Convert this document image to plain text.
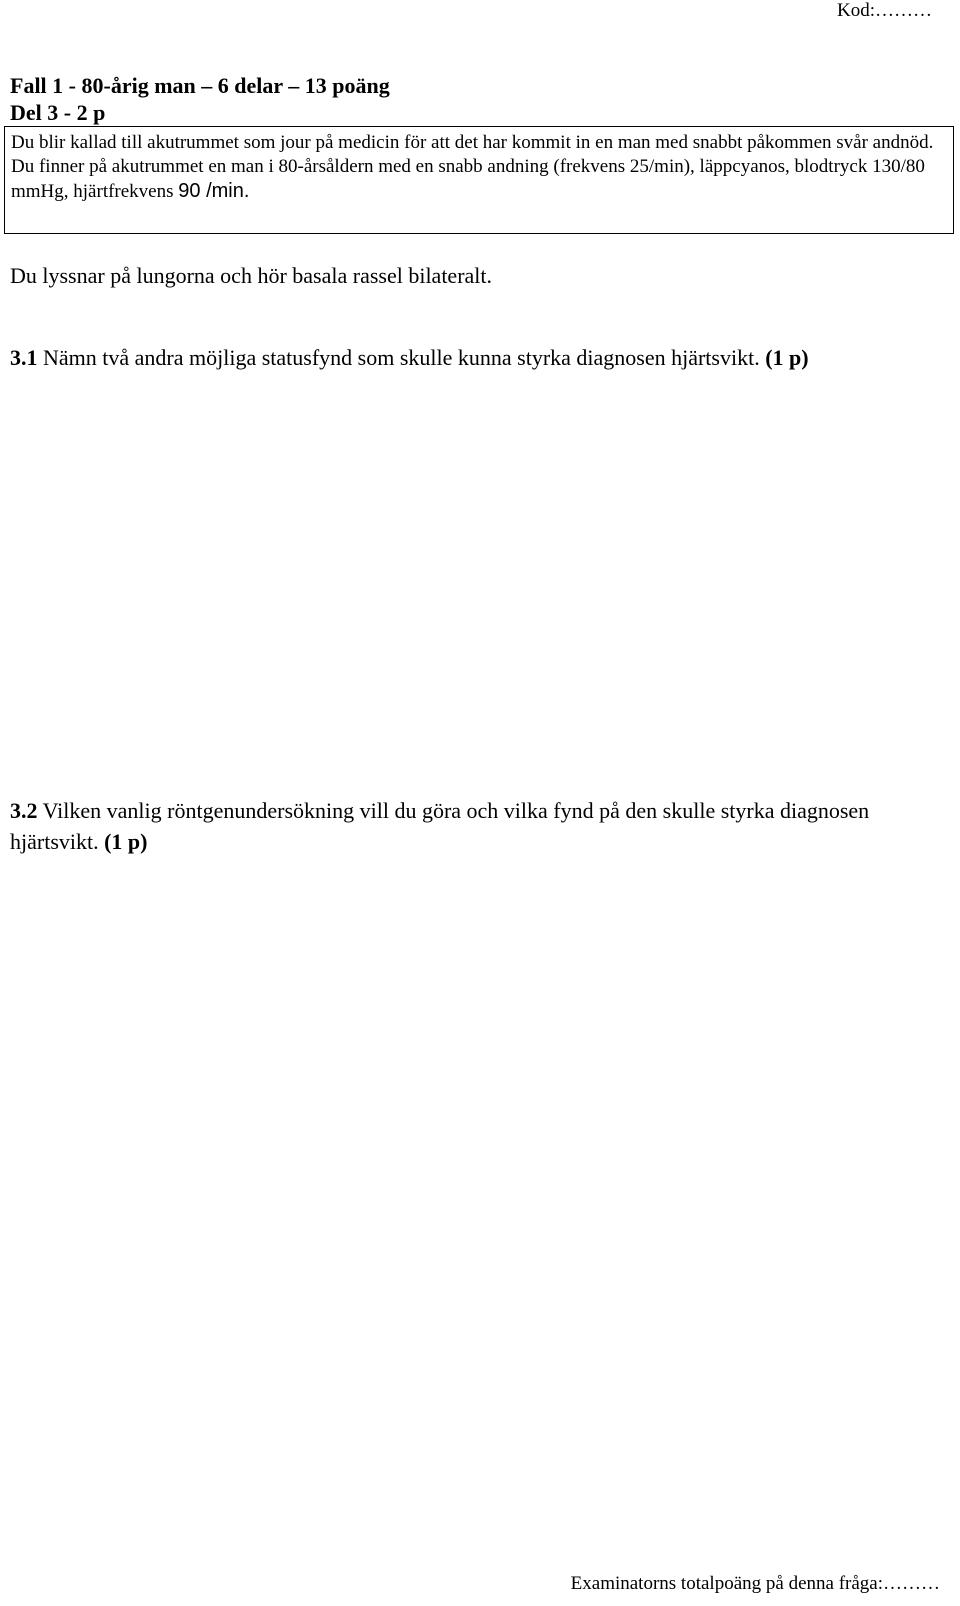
Kod:………
Fall 1 - 80-årig man – 6 delar – 13 poäng
Del 3 - 2 p

Du blir kallad till akutrummet som jour på medicin för att det har kommit in en man med snabbt påkommen svår andnöd.

Du finner på akutrummet en man i 80-årsåldern med en snabb andning (frekvens 25/min), läppcyanos, blodtryck 130/80 mmHg, hjärtfrekvens 90 /min.

Du lyssnar på lungorna och hör basala rassel bilateralt.
3.1 Nämn två andra möjliga statusfynd som skulle kunna styrka diagnosen hjärtsvikt. (1 p)
3.2 Vilken vanlig röntgenundersökning vill du göra och vilka fynd på den skulle styrka diagnosen hjärtsvikt. (1 p)
Examinatorns totalpoäng på denna fråga:………
